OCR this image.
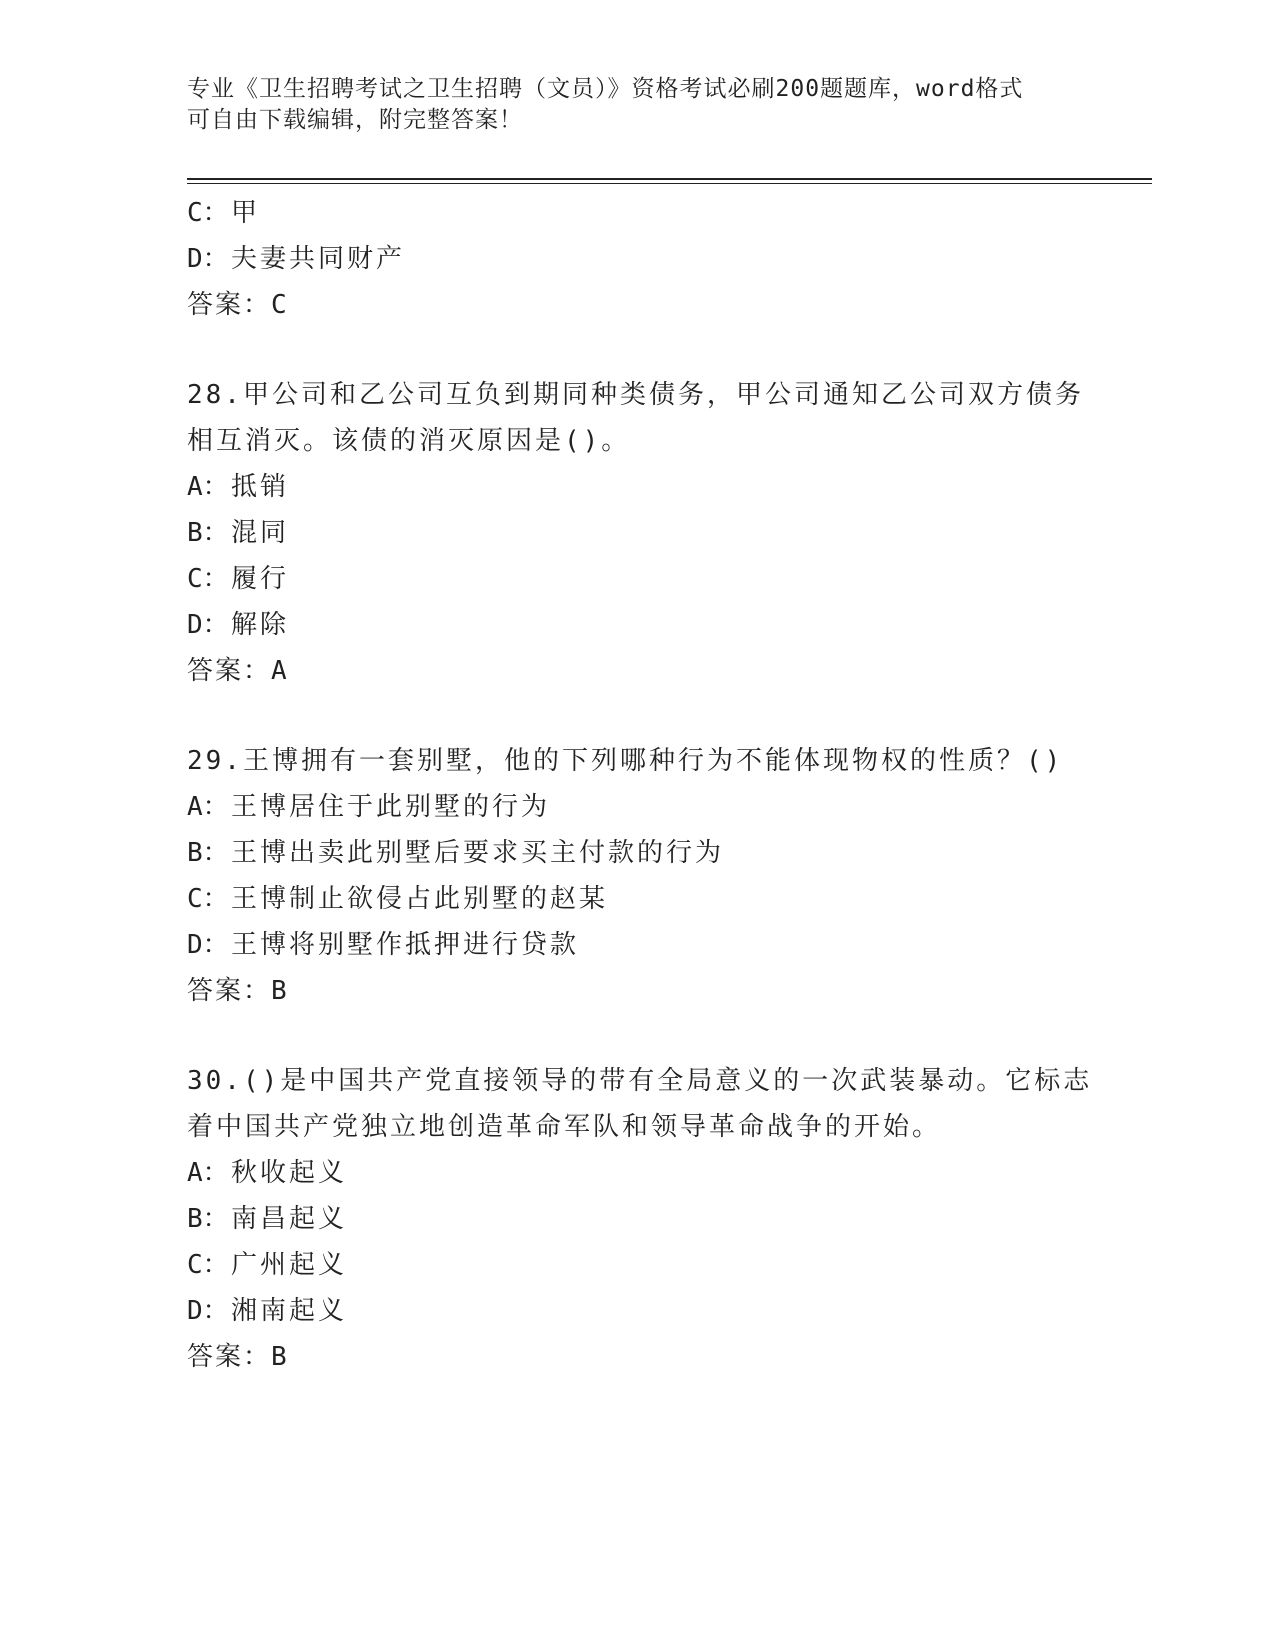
专业《卫生招聘考试之卫生招聘（文员）》资格考试必刷200题题库，word格式
可自由下载编辑，附完整答案！
C：甲
D：夫妻共同财产
答案：C
28.甲公司和乙公司互负到期同种类债务，甲公司通知乙公司双方债务
相互消灭。该债的消灭原因是()。
A：抵销
B：混同
C：履行
D：解除
答案：A
29.王博拥有一套别墅，他的下列哪种行为不能体现物权的性质？()
A：王博居住于此别墅的行为
B：王博出卖此别墅后要求买主付款的行为
C：王博制止欲侵占此别墅的赵某
D：王博将别墅作抵押进行贷款
答案：B
30.()是中国共产党直接领导的带有全局意义的一次武装暴动。它标志
着中国共产党独立地创造革命军队和领导革命战争的开始。
A：秋收起义
B：南昌起义
C：广州起义
D：湘南起义
答案：B
